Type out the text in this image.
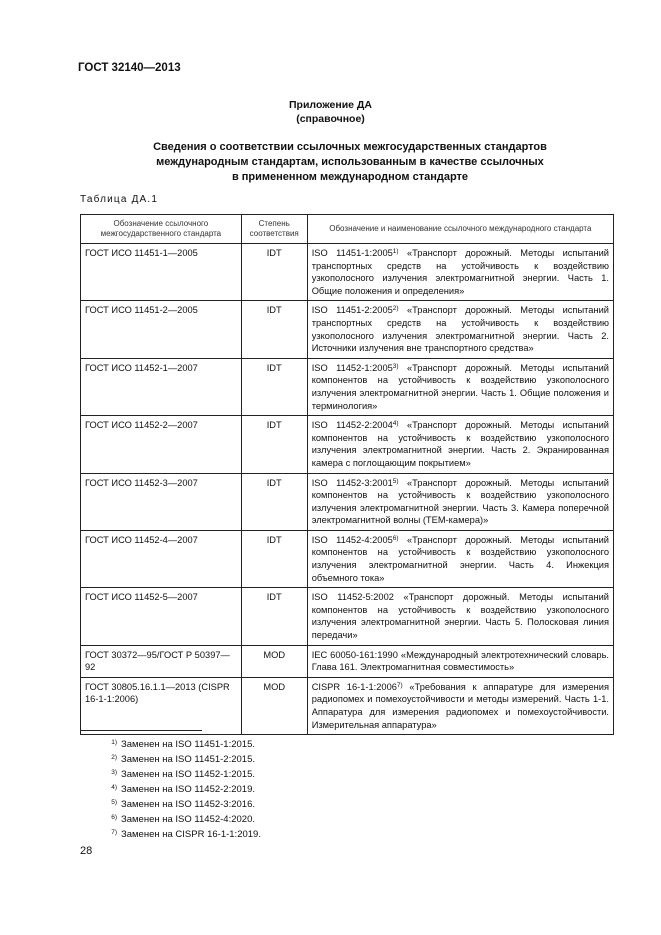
ГОСТ 32140—2013
Приложение ДА
(справочное)
Сведения о соответствии ссылочных межгосударственных стандартов
международным стандартам, использованным в качестве ссылочных
в примененном международном стандарте
Таблица ДА.1
Обозначение ссылочного межгосударственного стандарта	Степень соответствия	Обозначение и наименование ссылочного международного стандарта
ГОСТ ИСО 11451-1—2005	IDT	ISO 11451-1:2005$^{1)}$ «Транспорт дорожный. Методы испытаний транспортных средств на устойчивость к воздействию узкополосного излучения электромагнитной энергии. Часть 1. Общие положения и определения»
ГОСТ ИСО 11451-2—2005	IDT	ISO 11451-2:2005$^{2)}$ «Транспорт дорожный. Методы испытаний транспортных средств на устойчивость к воздействию узкополосного излучения электромагнитной энергии. Часть 2. Источники излучения вне транспортного средства»
ГОСТ ИСО 11452-1—2007	IDT	ISO 11452-1:2005$^{3)}$ «Транспорт дорожный. Методы испытаний компонентов на устойчивость к воздействию узкополосного излучения электромагнитной энергии. Часть 1. Общие положения и терминология»
ГОСТ ИСО 11452-2—2007	IDT	ISO 11452-2:2004$^{4)}$ «Транспорт дорожный. Методы испытаний компонентов на устойчивость к воздействию узкополосного излучения электромагнитной энергии. Часть 2. Экранированная камера с поглощающим покрытием»
ГОСТ ИСО 11452-3—2007	IDT	ISO 11452-3:2001$^{5)}$ «Транспорт дорожный. Методы испытаний компонентов на устойчивость к воздействию узкополосного излучения электромагнитной энергии. Часть 3. Камера поперечной электромагнитной волны (ТЕМ-камера)»
ГОСТ ИСО 11452-4—2007	IDT	ISO 11452-4:2005$^{6)}$ «Транспорт дорожный. Методы испытаний компонентов на устойчивость к воздействию узкополосного излучения электромагнитной энергии. Часть 4. Инжекция объемного тока»
ГОСТ ИСО 11452-5—2007	IDT	ISO 11452-5:2002 «Транспорт дорожный. Методы испытаний компонентов на устойчивость к воздействию узкополосного излучения электромагнитной энергии. Часть 5. Полосковая линия передачи»
ГОСТ 30372—95/ГОСТ Р 50397—92	MOD	IEC 60050-161:1990 «Международный электротехнический словарь. Глава 161. Электромагнитная совместимость»
ГОСТ 30805.16.1.1—2013 (CISPR 16-1-1:2006)	MOD	CISPR 16-1-1:2006$^{7)}$ «Требования к аппаратуре для измерения радиопомех и помехоустойчивости и методы измерений. Часть 1-1. Аппаратура для измерения радиопомех и помехоустойчивости. Измерительная аппаратура»
$^{1)}$ Заменен на ISO 11451-1:2015.
$^{2)}$ Заменен на ISO 11451-2:2015.
$^{3)}$ Заменен на ISO 11452-1:2015.
$^{4)}$ Заменен на ISO 11452-2:2019.
$^{5)}$ Заменен на ISO 11452-3:2016.
$^{6)}$ Заменен на ISO 11452-4:2020.
$^{7)}$ Заменен на CISPR 16-1-1:2019.
28
